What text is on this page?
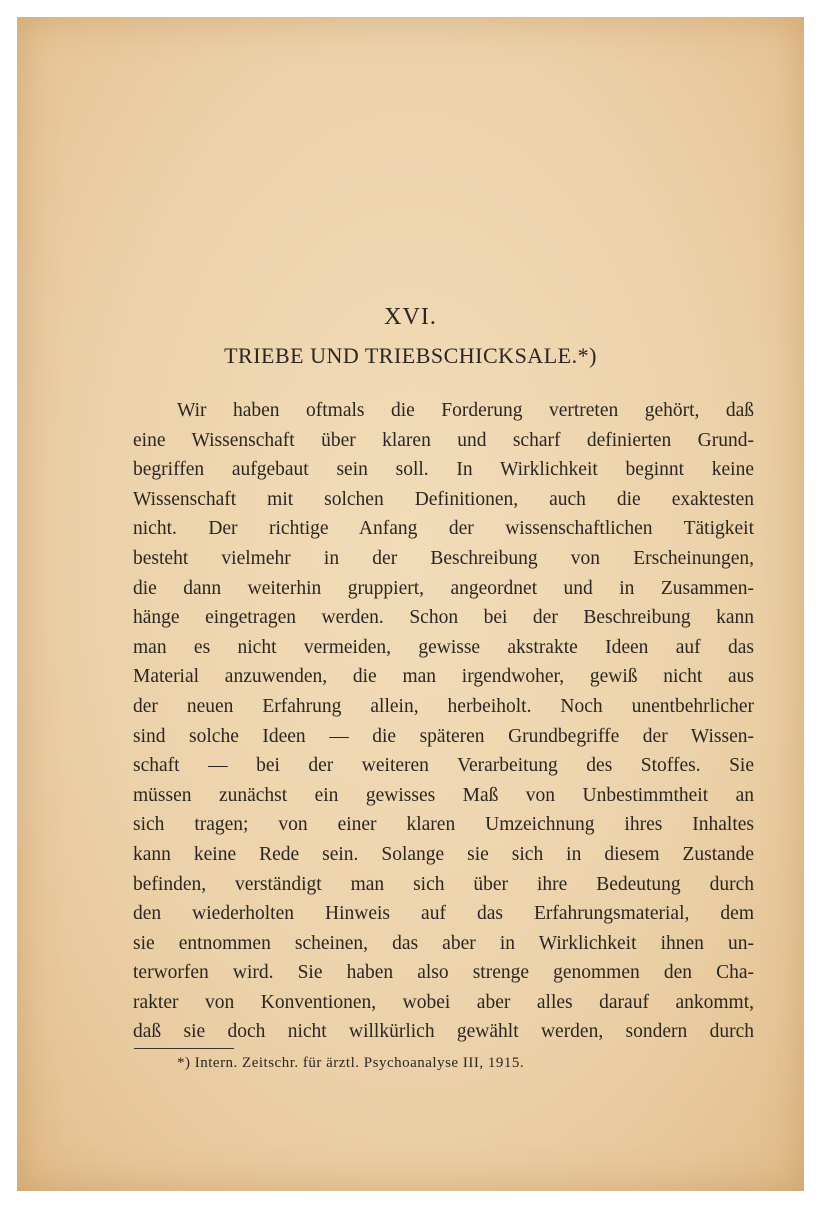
XVI.
TRIEBE UND TRIEBSCHICKSALE.*)
Wir haben oftmals die Forderung vertreten gehört, daß
eine Wissenschaft über klaren und scharf definierten Grund-
begriffen aufgebaut sein soll. In Wirklichkeit beginnt keine
Wissenschaft mit solchen Definitionen, auch die exaktesten
nicht. Der richtige Anfang der wissenschaftlichen Tätigkeit
besteht vielmehr in der Beschreibung von Erscheinungen,
die dann weiterhin gruppiert, angeordnet und in Zusammen-
hänge eingetragen werden. Schon bei der Beschreibung kann
man es nicht vermeiden, gewisse akstrakte Ideen auf das
Material anzuwenden, die man irgendwoher, gewiß nicht aus
der neuen Erfahrung allein, herbeiholt. Noch unentbehrlicher
sind solche Ideen — die späteren Grundbegriffe der Wissen-
schaft — bei der weiteren Verarbeitung des Stoffes. Sie
müssen zunächst ein gewisses Maß von Unbestimmtheit an
sich tragen; von einer klaren Umzeichnung ihres Inhaltes
kann keine Rede sein. Solange sie sich in diesem Zustande
befinden, verständigt man sich über ihre Bedeutung durch
den wiederholten Hinweis auf das Erfahrungsmaterial, dem
sie entnommen scheinen, das aber in Wirklichkeit ihnen un-
terworfen wird. Sie haben also strenge genommen den Cha-
rakter von Konventionen, wobei aber alles darauf ankommt,
daß sie doch nicht willkürlich gewählt werden, sondern durch
*) Intern. Zeitschr. für ärztl. Psychoanalyse III, 1915.
